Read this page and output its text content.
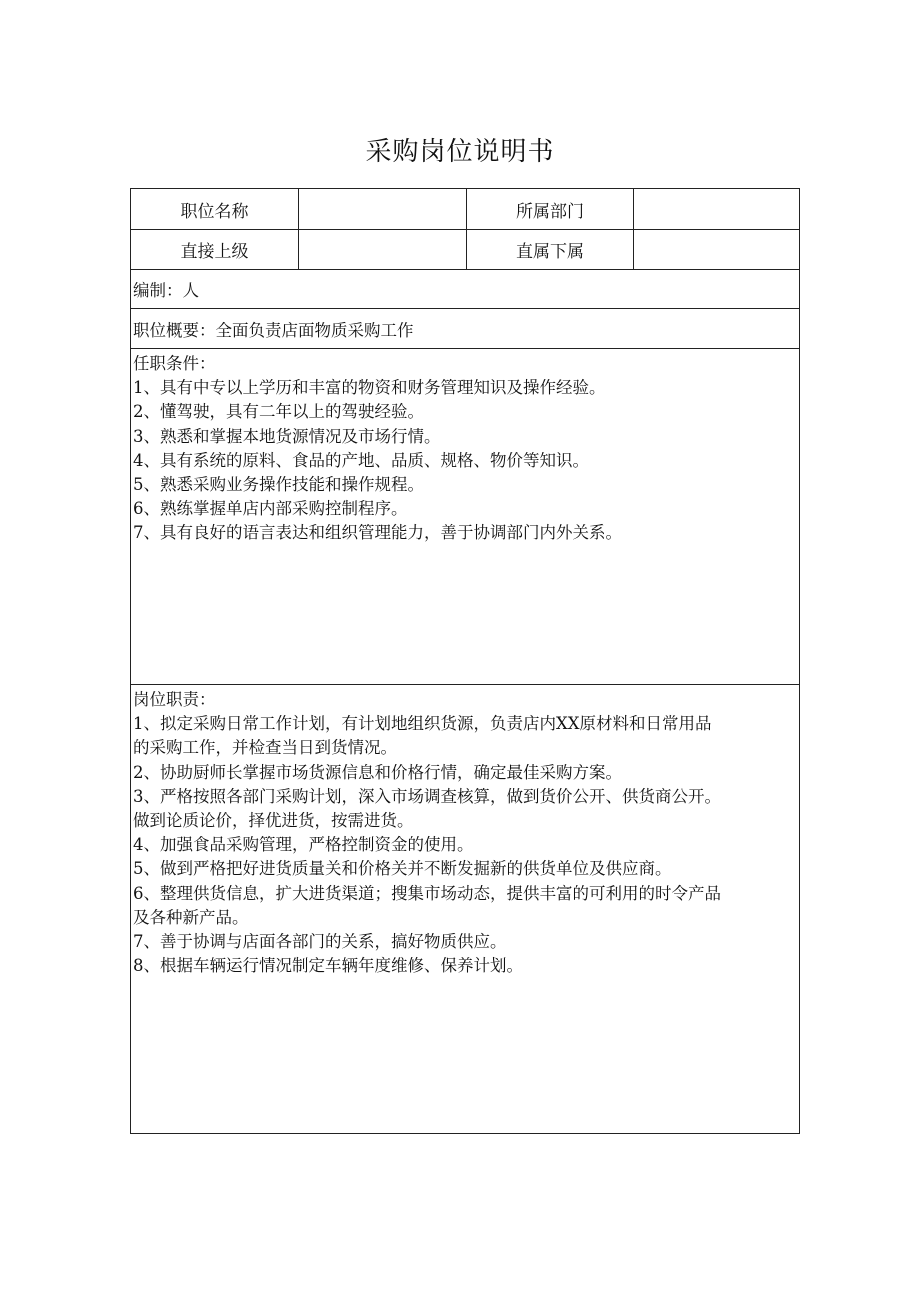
采购岗位说明书
职位名称	所属部门
直接上级	直属下属
编制：人
职位概要：全面负责店面物质采购工作
任职条件：
1、具有中专以上学历和丰富的物资和财务管理知识及操作经验。
2、懂驾驶，具有二年以上的驾驶经验。
3、熟悉和掌握本地货源情况及市场行情。
4、具有系统的原料、食品的产地、品质、规格、物价等知识。
5、熟悉采购业务操作技能和操作规程。
6、熟练掌握单店内部采购控制程序。
7、具有良好的语言表达和组织管理能力，善于协调部门内外关系。
岗位职责：
1、拟定采购日常工作计划，有计划地组织货源，负责店内XX原材料和日常用品
的采购工作，并检查当日到货情况。
2、协助厨师长掌握市场货源信息和价格行情，确定最佳采购方案。
3、严格按照各部门采购计划，深入市场调查核算，做到货价公开、供货商公开。
做到论质论价，择优进货，按需进货。
4、加强食品采购管理，严格控制资金的使用。
5、做到严格把好进货质量关和价格关并不断发掘新的供货单位及供应商。
6、整理供货信息，扩大进货渠道；搜集市场动态，提供丰富的可利用的时令产品
及各种新产品。
7、善于协调与店面各部门的关系，搞好物质供应。
8、根据车辆运行情况制定车辆年度维修、保养计划。
